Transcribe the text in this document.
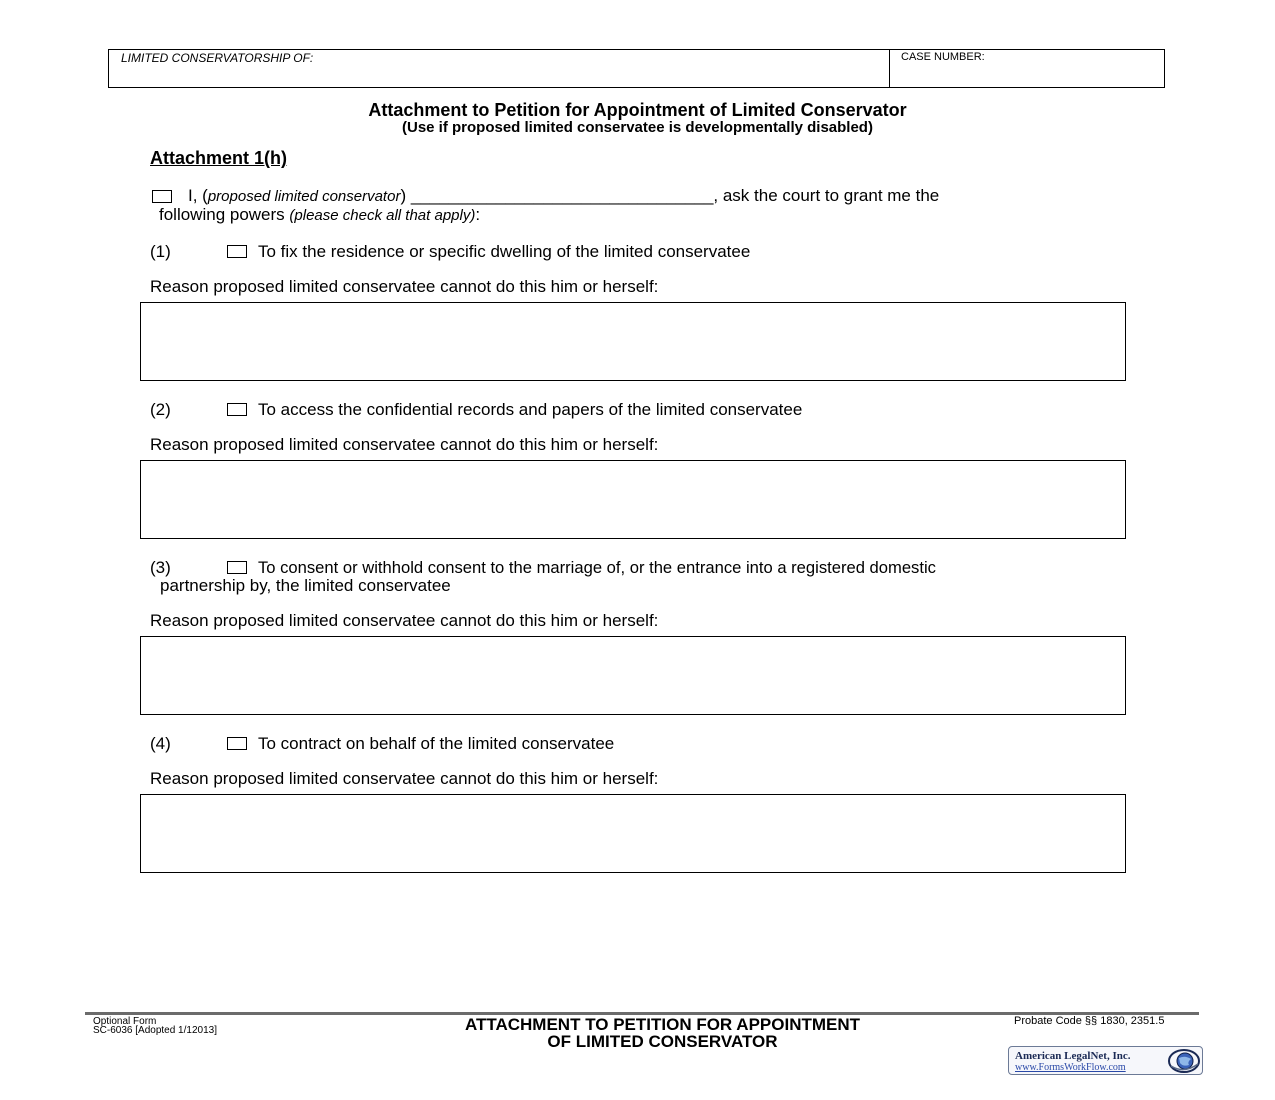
LIMITED CONSERVATORSHIP OF:	CASE NUMBER:
Attachment to Petition for Appointment of Limited Conservator
(Use if proposed limited conservatee is developmentally disabled)
Attachment 1(h)
I, (proposed limited conservator) ________________________________, ask the court to grant me the
following powers (please check all that apply):
(1)	To fix the residence or specific dwelling of the limited conservatee
Reason proposed limited conservatee cannot do this him or herself:
(2)	To access the confidential records and papers of the limited conservatee
Reason proposed limited conservatee cannot do this him or herself:
(3)	To consent or withhold consent to the marriage of, or the entrance into a registered domestic
partnership by, the limited conservatee
Reason proposed limited conservatee cannot do this him or herself:
(4)	To contract on behalf of the limited conservatee
Reason proposed limited conservatee cannot do this him or herself:
Optional Form
SC-6036 [Adopted 1/12013]	ATTACHMENT TO PETITION FOR APPOINTMENT
OF LIMITED CONSERVATOR
Probate Code §§ 1830, 2351.5
American LegalNet, Inc.
www.FormsWorkFlow.com
